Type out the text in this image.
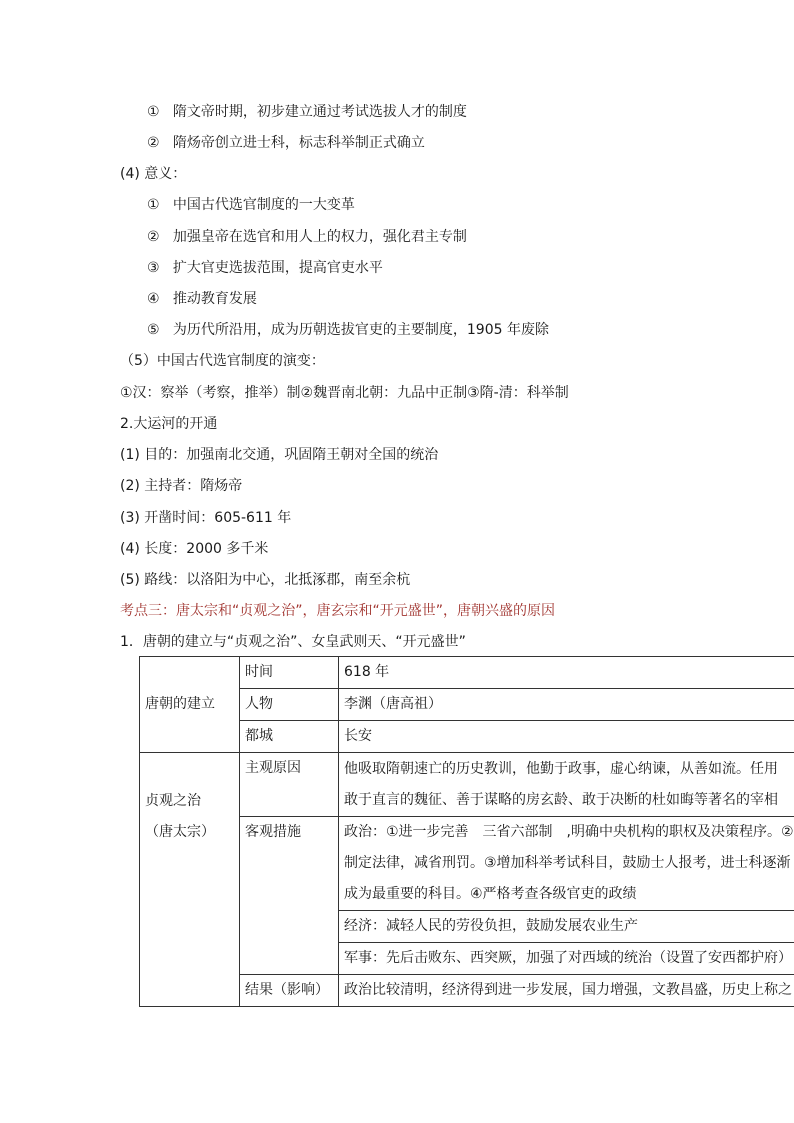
①   隋文帝时期，初步建立通过考试选拔人才的制度
②   隋炀帝创立进士科，标志科举制正式确立
(4) 意义：
①   中国古代选官制度的一大变革
②   加强皇帝在选官和用人上的权力，强化君主专制
③   扩大官吏选拔范围，提高官吏水平
④   推动教育发展
⑤   为历代所沿用，成为历朝选拔官吏的主要制度，1905 年废除
（5）中国古代选官制度的演变：
①汉：察举（考察，推举）制②魏晋南北朝：九品中正制③隋-清：科举制
2.大运河的开通
(1) 目的：加强南北交通，巩固隋王朝对全国的统治
(2) 主持者：隋炀帝
(3) 开凿时间：605-611 年
(4) 长度：2000 多千米
(5) 路线：以洛阳为中心，北抵涿郡，南至余杭
考点三：唐太宗和“贞观之治”，唐玄宗和“开元盛世”，唐朝兴盛的原因
1．唐朝的建立与“贞观之治”、女皇武则天、“开元盛世”
唐朝的建立	时间	618 年
	人物	李渊（唐高祖）
	都城	长安

贞观之治
（唐太宗）	主观原因	他吸取隋朝速亡的历史教训，他勤于政事，虚心纳谏，从善如流。任用
敢于直言的魏征、善于谋略的房玄龄、敢于决断的杜如晦等著名的宰相

	客观措施	政治：①进一步完善　三省六部制　,明确中央机构的职权及决策程序。②
制定法律，减省刑罚。③增加科举考试科目，鼓励士人报考，进士科逐渐
成为最重要的科目。④严格考查各级官吏的政绩

		经济：减轻人民的劳役负担，鼓励发展农业生产
		军事：先后击败东、西突厥，加强了对西域的统治（设置了安西都护府）
	结果（影响）	政治比较清明，经济得到进一步发展，国力增强，文教昌盛，历史上称之
